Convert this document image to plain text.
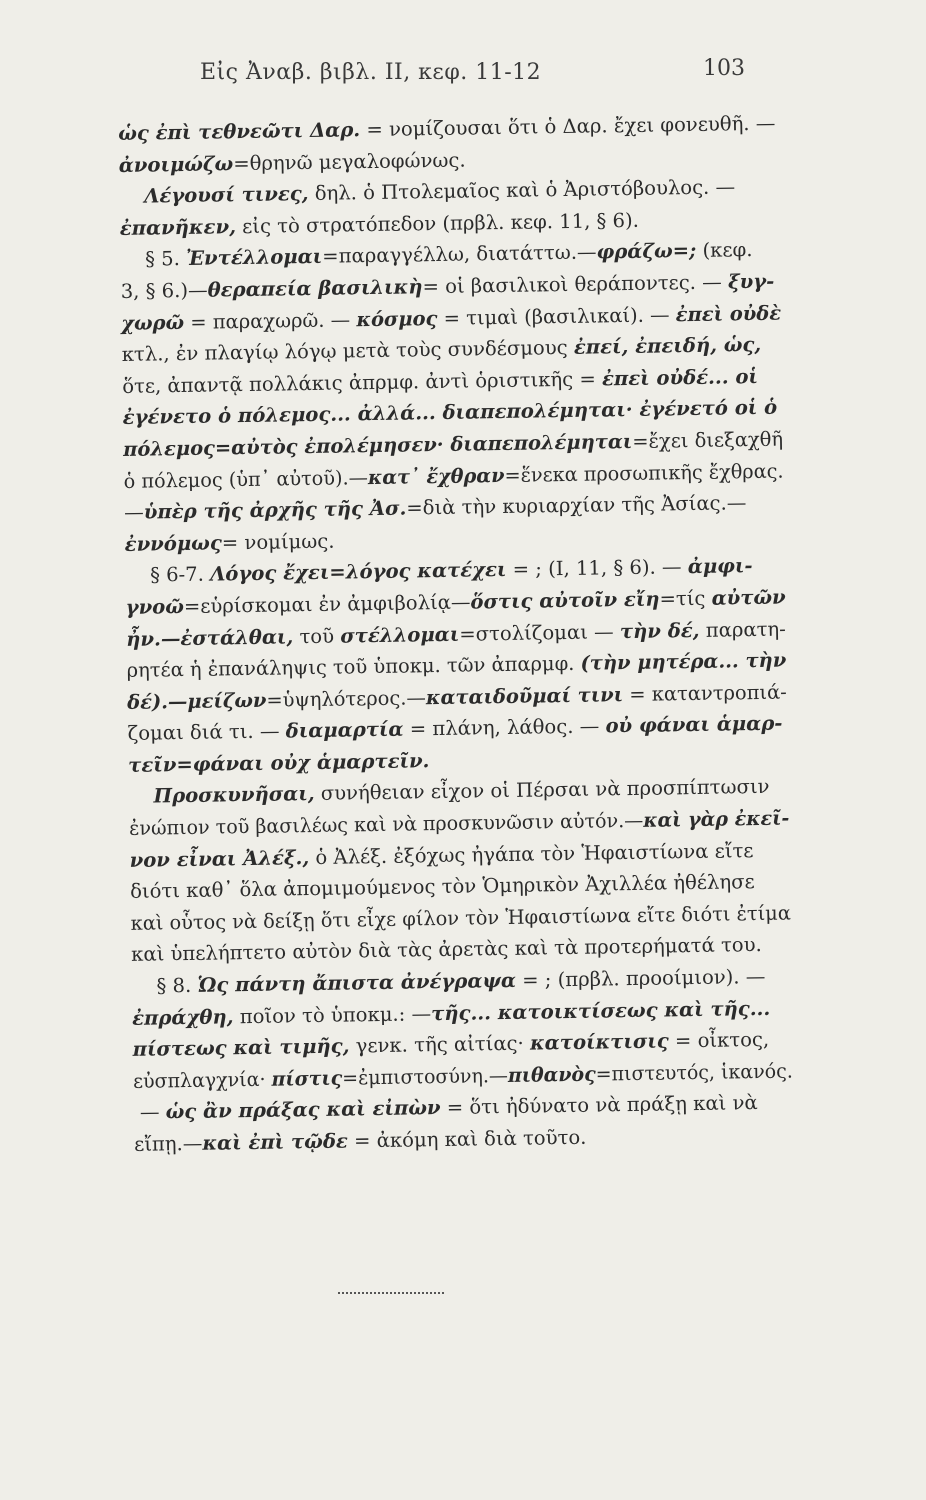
Εἰς Ἀναβ. βιβλ. II, κεφ. 11-12	103
ὡς ἐπὶ τεθνεῶτι Δαρ. = νομίζουσαι ὅτι ὁ Δαρ. ἔχει φονευθῆ. —
ἀνοιμώζω=θρηνῶ μεγαλοφώνως.
Λέγουσί τινες, δηλ. ὁ Πτολεμαῖος καὶ ὁ Ἀριστόβουλος. —
ἐπανῆκεν, εἰς τὸ στρατόπεδον (πρβλ. κεφ. 11, § 6).
§ 5. Ἐντέλλομαι=παραγγέλλω, διατάττω.—φράζω=; (κεφ.
3, § 6.)—θεραπεία βασιλικὴ= οἱ βασιλικοὶ θεράποντες. — ξυγ-
χωρῶ = παραχωρῶ. — κόσμος = τιμαὶ (βασιλικαί). — ἐπεὶ οὐδὲ
κτλ., ἐν πλαγίῳ λόγῳ μετὰ τοὺς συνδέσμους ἐπεί, ἐπειδή, ὡς,
ὅτε, ἀπαντᾷ πολλάκις ἀπρμφ. ἀντὶ ὁριστικῆς = ἐπεὶ οὐδέ... οἱ
ἐγένετο ὁ πόλεμος... ἀλλά... διαπεπολέμηται· ἐγένετό οἱ ὁ
πόλεμος=αὐτὸς ἐπολέμησεν· διαπεπολέμηται=ἔχει διεξαχθῆ
ὁ πόλεμος (ὑπ᾽ αὐτοῦ).—κατ᾽ ἔχθραν=ἕνεκα προσωπικῆς ἔχθρας.
—ὑπὲρ τῆς ἀρχῆς τῆς Ἀσ.=διὰ τὴν κυριαρχίαν τῆς Ἀσίας.—
ἐννόμως= νομίμως.
§ 6-7. Λόγος ἔχει=λόγος κατέχει = ; (I, 11, § 6). — ἀμφι-
γνοῶ=εὑρίσκομαι ἐν ἀμφιβολίᾳ—ὅστις αὐτοῖν εἴη=τίς αὐτῶν
ἦν.—ἐστάλθαι, τοῦ στέλλομαι=στολίζομαι — τὴν δέ, παρατη-
ρητέα ἡ ἐπανάληψις τοῦ ὑποκμ. τῶν ἀπαρμφ. (τὴν μητέρα... τὴν
δέ).—μείζων=ὑψηλότερος.—καταιδοῦμαί τινι = καταντροπιά-
ζομαι διά τι. — διαμαρτία = πλάνη, λάθος. — οὐ φάναι ἁμαρ-
τεῖν=φάναι οὐχ ἁμαρτεῖν.
Προσκυνῆσαι, συνήθειαν εἶχον οἱ Πέρσαι νὰ προσπίπτωσιν
ἐνώπιον τοῦ βασιλέως καὶ νὰ προσκυνῶσιν αὐτόν.—καὶ γὰρ ἐκεῖ-
νον εἶναι Ἀλέξ., ὁ Ἀλέξ. ἐξόχως ἠγάπα τὸν Ἡφαιστίωνα εἴτε
διότι καθ᾽ ὅλα ἀπομιμούμενος τὸν Ὁμηρικὸν Ἀχιλλέα ἠθέλησε
καὶ οὗτος νὰ δείξῃ ὅτι εἶχε φίλον τὸν Ἡφαιστίωνα εἴτε διότι ἐτίμα
καὶ ὑπελήπτετο αὐτὸν διὰ τὰς ἀρετὰς καὶ τὰ προτερήματά του.
§ 8. Ὡς πάντη ἄπιστα ἀνέγραψα = ; (πρβλ. προοίμιον). —
ἐπράχθη, ποῖον τὸ ὑποκμ.: —τῆς... κατοικτίσεως καὶ τῆς...
πίστεως καὶ τιμῆς, γενκ. τῆς αἰτίας· κατοίκτισις = οἶκτος,
εὐσπλαγχνία· πίστις=ἐμπιστοσύνη.—πιθανὸς=πιστευτός, ἱκανός.
— ὡς ἂν πράξας καὶ εἰπὼν = ὅτι ἠδύνατο νὰ πράξῃ καὶ νὰ
εἴπῃ.—καὶ ἐπὶ τῷδε = ἀκόμη καὶ διὰ τοῦτο.
